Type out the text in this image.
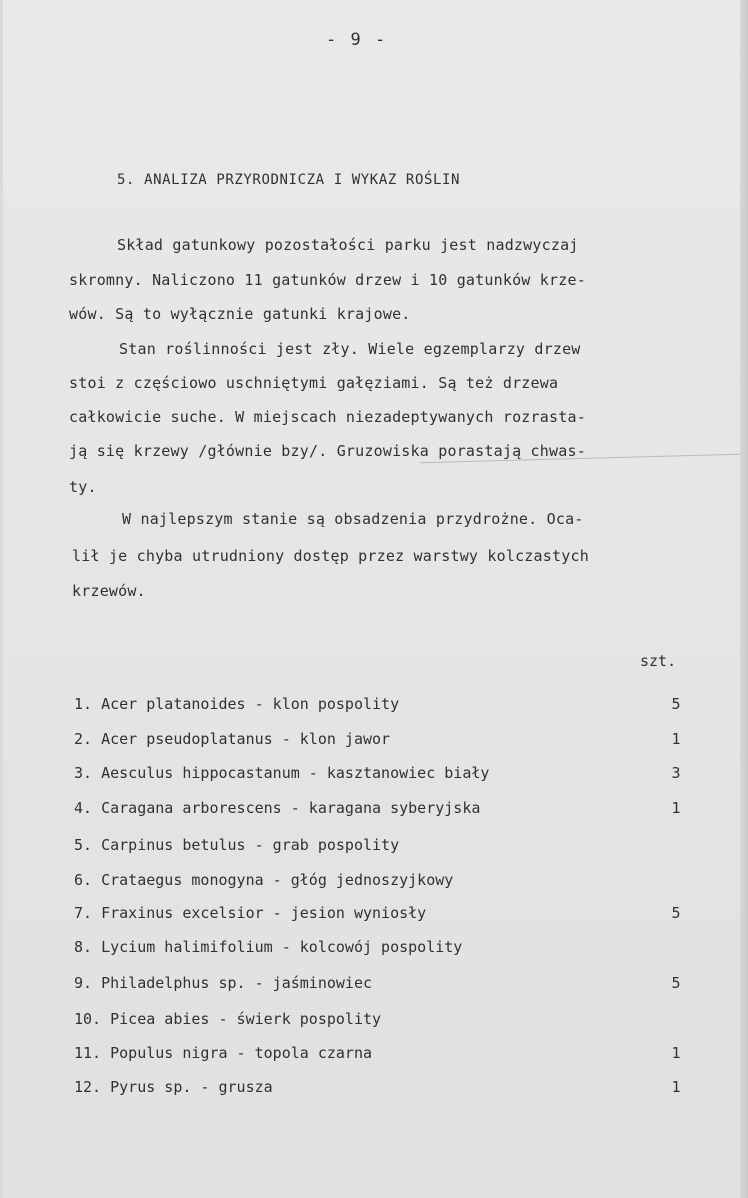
- 9 -
5. ANALIZA PRZYRODNICZA I WYKAZ ROŚLIN
Skład gatunkowy pozostałości parku jest nadzwyczaj
skromny. Naliczono 11 gatunków drzew i 10 gatunków krze-
wów. Są to wyłącznie gatunki krajowe.
Stan roślinności jest zły. Wiele egzemplarzy drzew
stoi z częściowo uschniętymi gałęziami. Są też drzewa
całkowicie suche. W miejscach niezadeptywanych rozrasta-
ją się krzewy /głównie bzy/. Gruzowiska porastają chwas-
ty.
W najlepszym stanie są obsadzenia przydrożne. Oca-
lił je chyba utrudniony dostęp przez warstwy kolczastych
krzewów.
szt.
1. Acer platanoides - klon pospolity	5
2. Acer pseudoplatanus - klon jawor	1
3. Aesculus hippocastanum - kasztanowiec biały	3
4. Caragana arborescens - karagana syberyjska	1
5. Carpinus betulus - grab pospolity
6. Crataegus monogyna - głóg jednoszyjkowy
7. Fraxinus excelsior - jesion wyniosły	5
8. Lycium halimifolium - kolcowój pospolity
9. Philadelphus sp. - jaśminowiec	5
10. Picea abies - świerk pospolity
11. Populus nigra - topola czarna	1
12. Pyrus sp. - grusza	1
